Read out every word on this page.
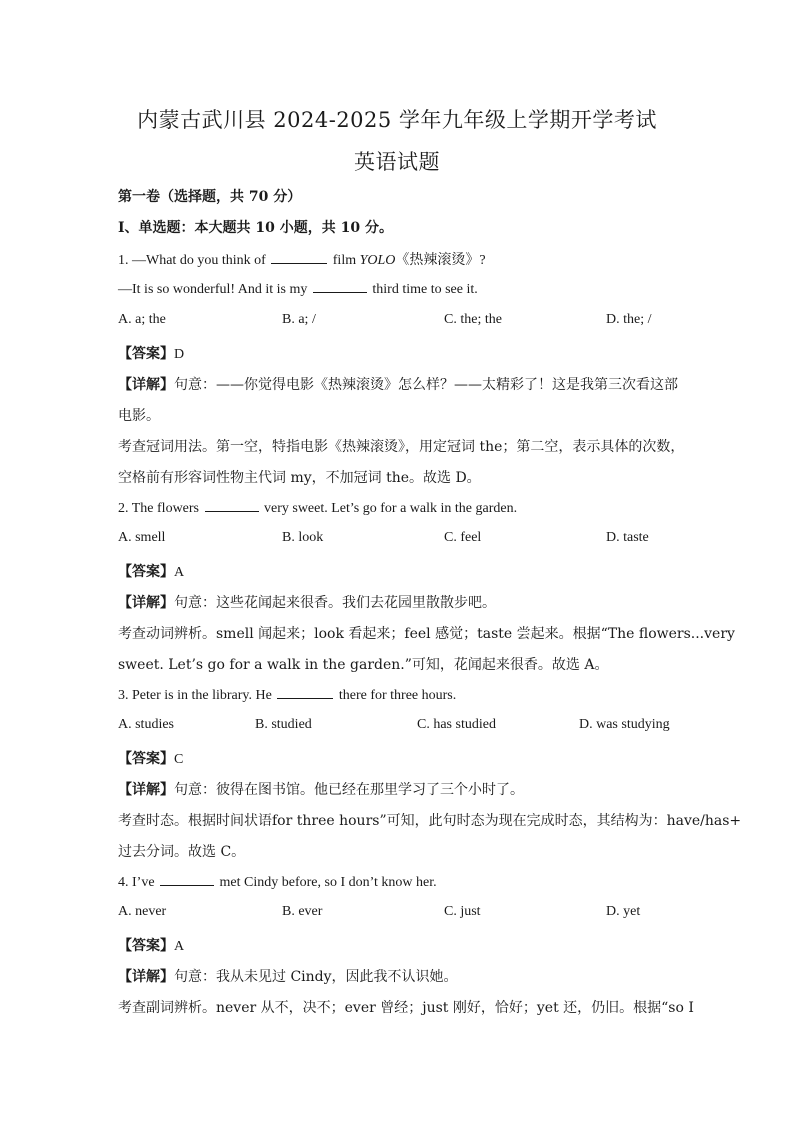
内蒙古武川县 2024-2025 学年九年级上学期开学考试
英语试题
第一卷（选择题，共 70 分）
I、单选题：本大题共 10 小题，共 10 分。
1. —What do you think of	film YOLO《热辣滚烫》?
—It is so wonderful! And it is my	third time to see it.
A. a; the	B. a; /	C. the; the	D. the; /
【答案】D
【详解】句意：——你觉得电影《热辣滚烫》怎么样？——太精彩了！这是我第三次看这部
电影。
考查冠词用法。第一空，特指电影《热辣滚烫》，用定冠词 the；第二空，表示具体的次数，
空格前有形容词性物主代词 my，不加冠词 the。故选 D。
2. The flowers	very sweet. Let’s go for a walk in the garden.
A. smell	B. look	C. feel	D. taste
【答案】A
【详解】句意：这些花闻起来很香。我们去花园里散散步吧。
考查动词辨析。smell 闻起来；look 看起来；feel 感觉；taste 尝起来。根据“The flowers...very
sweet. Let’s go for a walk in the garden.”可知，花闻起来很香。故选 A。
3. Peter is in the library. He	there for three hours.
A. studies	B. studied	C. has studied	D. was studying
【答案】C
【详解】句意：彼得在图书馆。他已经在那里学习了三个小时了。
考查时态。根据时间状语for three hours”可知，此句时态为现在完成时态，其结构为：have/has+
过去分词。故选 C。
4. I’ve	met Cindy before, so I don’t know her.
A. never	B. ever	C. just	D. yet
【答案】A
【详解】句意：我从未见过 Cindy，因此我不认识她。
考查副词辨析。never 从不，决不；ever 曾经；just 刚好，恰好；yet 还，仍旧。根据“so I
